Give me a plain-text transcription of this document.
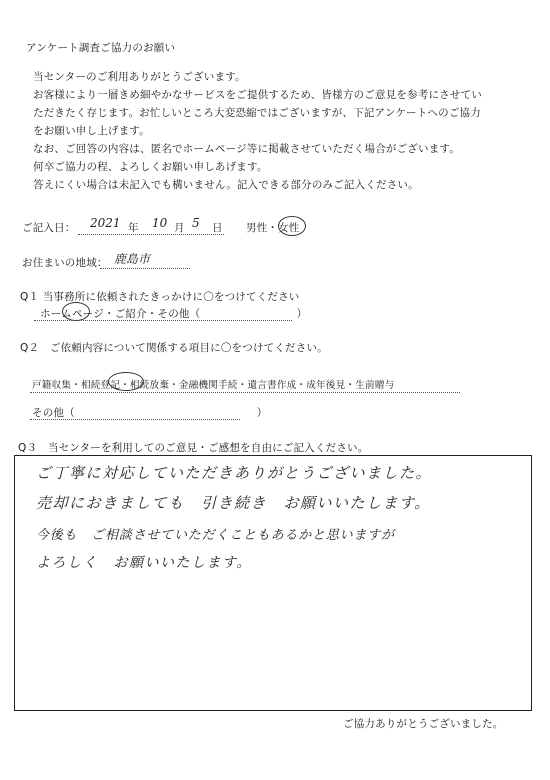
アンケート調査ご協力のお願い
当センターのご利用ありがとうございます。
お客様により一層きめ細やかなサービスをご提供するため、皆様方のご意見を参考にさせてい
ただきたく存じます。お忙しいところ大変恐縮ではございますが、下記アンケートへのご協力
をお願い申し上げます。
なお、ご回答の内容は、匿名でホームページ等に掲載させていただく場合がございます。
何卒ご協力の程、よろしくお願い申しあげます。
答えにくい場合は未記入でも構いません。記入できる部分のみご記入ください。
ご記入日： 2021 年 10 月 5 日 男性・女性
お住まいの地域： 鹿島市
Q１ 当事務所に依頼されたきっかけに〇をつけてください
ホームページ・ご紹介・その他（　　　　　　　　　）
Q２　ご依頼内容について関係する項目に〇をつけてください。
戸籍収集・相続登記・相続放棄・金融機関手続・遺言書作成・成年後見・生前贈与
その他（　　　　　　　　　　　　　　　　　）
Q３　当センターを利用してのご意見・ご感想を自由にご記入ください。
ご丁寧に対応していただきありがとうございました。
売却におきましても　引き続き　お願いいたします。
今後も　ご相談させていただくこともあるかと思いますが
よろしく　お願いいたします。
ご協力ありがとうございました。
